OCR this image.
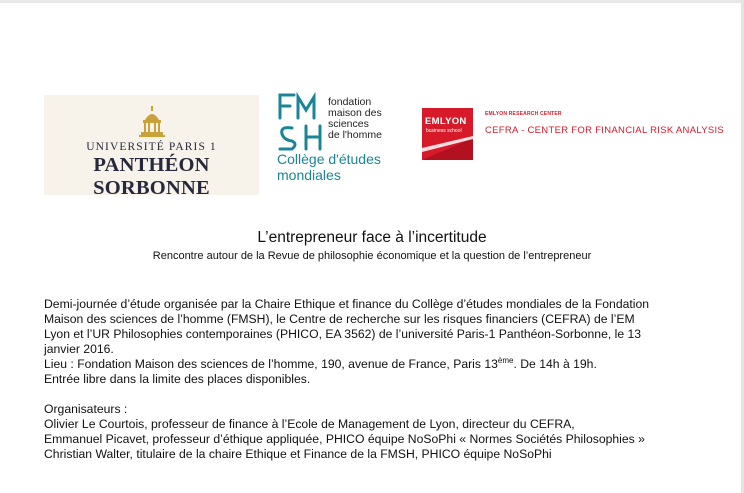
UNIVERSITÉ PARIS 1
PANTHÉON SORBONNE
fondation
maison des
sciences
de l'homme
Collège d'études
mondiales
EMLYON
business school
EMLYON RESEARCH CENTER
CEFRA - CENTER FOR FINANCIAL RISK ANALYSIS
L’entrepreneur face à l’incertitude
Rencontre autour de la Revue de philosophie économique et la question de l’entrepreneur

Demi-journée d’étude organisée par la Chaire Ethique et finance du Collège d’études mondiales de la Fondation

Maison des sciences de l’homme (FMSH), le Centre de recherche sur les risques financiers (CEFRA) de l’EM

Lyon et l’UR Philosophies contemporaines (PHICO, EA 3562) de l’université Paris-1 Panthéon-Sorbonne, le 13

janvier 2016.

Lieu : Fondation Maison des sciences de l’homme, 190, avenue de France, Paris 13ème. De 14h à 19h.

Entrée libre dans la limite des places disponibles.

Organisateurs :

Olivier Le Courtois, professeur de finance à l’Ecole de Management de Lyon, directeur du CEFRA,

Emmanuel Picavet, professeur d’éthique appliquée, PHICO équipe NoSoPhi « Normes Sociétés Philosophies »

Christian Walter, titulaire de la chaire Ethique et Finance de la FMSH, PHICO équipe NoSoPhi
